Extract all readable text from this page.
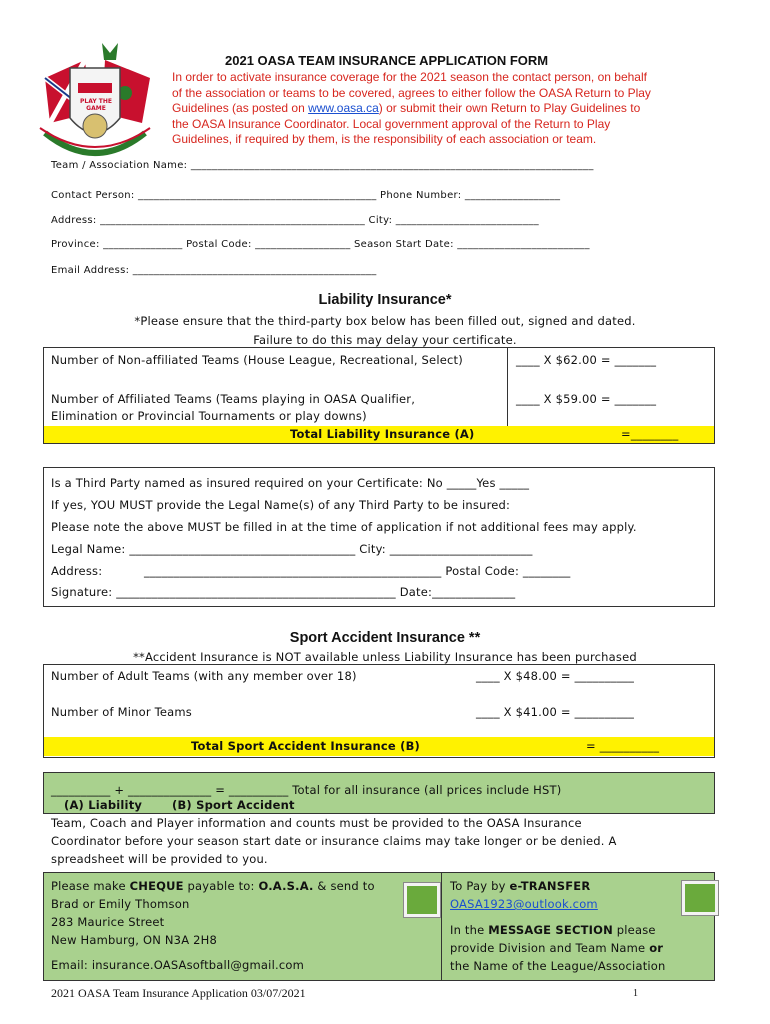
PLAY THE GAME
2021 OASA TEAM INSURANCE APPLICATION FORM
In order to activate insurance coverage for the 2021 season the contact person, on behalf
of the association or teams to be covered, agrees to either follow the OASA Return to Play
Guidelines (as posted on www.oasa.ca) or submit their own Return to Play Guidelines to
the OASA Insurance Coordinator. Local government approval of the Return to Play
Guidelines, if required by them, is the responsibility of each association or team.
Team / Association Name: ____________________________________________________________________________
Contact Person: _____________________________________________ Phone Number: __________________
Address: __________________________________________________ City: ___________________________
Province: _______________ Postal Code: __________________ Season Start Date: _________________________
Email Address: ______________________________________________
Liability Insurance*
*Please ensure that the third-party box below has been filled out, signed and dated.
Failure to do this may delay your certificate.
Number of Non-affiliated Teams (House League, Recreational, Select)	____ X $62.00 = _______
Number of Affiliated Teams (Teams playing in OASA Qualifier,
Elimination or Provincial Tournaments or play downs)
____ X $59.00 = _______
Total Liability Insurance (A)	=________
Is a Third Party named as insured required on your Certificate: No _____Yes _____
If yes, YOU MUST provide the Legal Name(s) of any Third Party to be insured:
Please note the above MUST be filled in at the time of application if not additional fees may apply.
Legal Name: ______________________________________ City: ________________________
Address:	__________________________________________________ Postal Code: ________
Signature: _______________________________________________ Date:______________
Sport Accident Insurance **
**Accident Insurance is NOT available unless Liability Insurance has been purchased
Number of Adult Teams (with any member over 18)	____ X $48.00 = __________
Number of Minor Teams	____ X $41.00 = __________
Total Sport Accident Insurance (B)	= __________
__________ + ______________ = __________ Total for all insurance (all prices include HST)
(A) Liability	(B) Sport Accident
Team, Coach and Player information and counts must be provided to the OASA Insurance
Coordinator before your season start date or insurance claims may take longer or be denied. A
spreadsheet will be provided to you.
Please make CHEQUE payable to: O.A.S.A. & send to
Brad or Emily Thomson
283 Maurice Street
New Hamburg, ON N3A 2H8
Email: insurance.OASAsoftball@gmail.com
To Pay by e-TRANSFER
OASA1923@outlook.com
In the MESSAGE SECTION please
provide Division and Team Name or
the Name of the League/Association
2021 OASA Team Insurance Application 03/07/2021	1
